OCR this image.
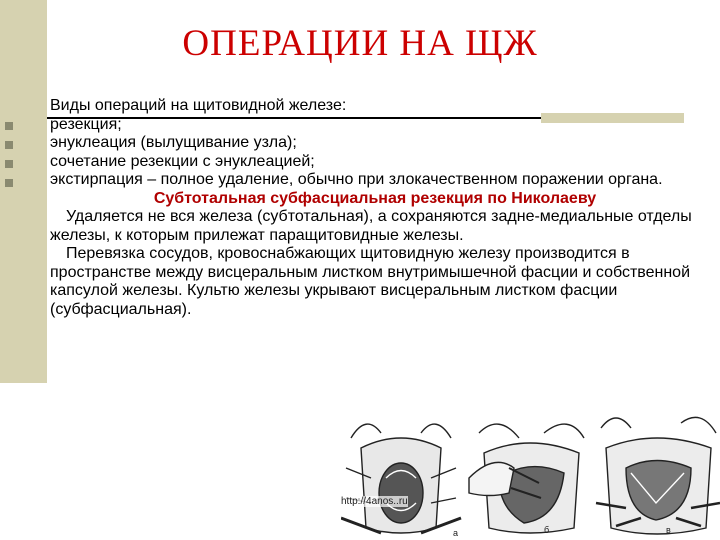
ОПЕРАЦИИ НА ЩЖ

Виды операций на щитовидной железе:

резекция;

энуклеация (вылущивание узла);

сочетание резекции с энуклеацией;

экстирпация – полное удаление, обычно при злокачественном поражении органа.

Субтотальная субфасциальная резекция по Николаеву

Удаляется не вся железа (субтотальная), а сохраняются задне-медиальные отделы железы, к которым прилежат паращитовидные железы.

Перевязка сосудов, кровоснабжающих щитовидную железу производится в пространстве между висцеральным листком внутримышечной фасции и собственной капсулой железы. Культю железы укрывают висцеральным листком фасции (субфасциальная).

б	в
a
http://4anos..ru
